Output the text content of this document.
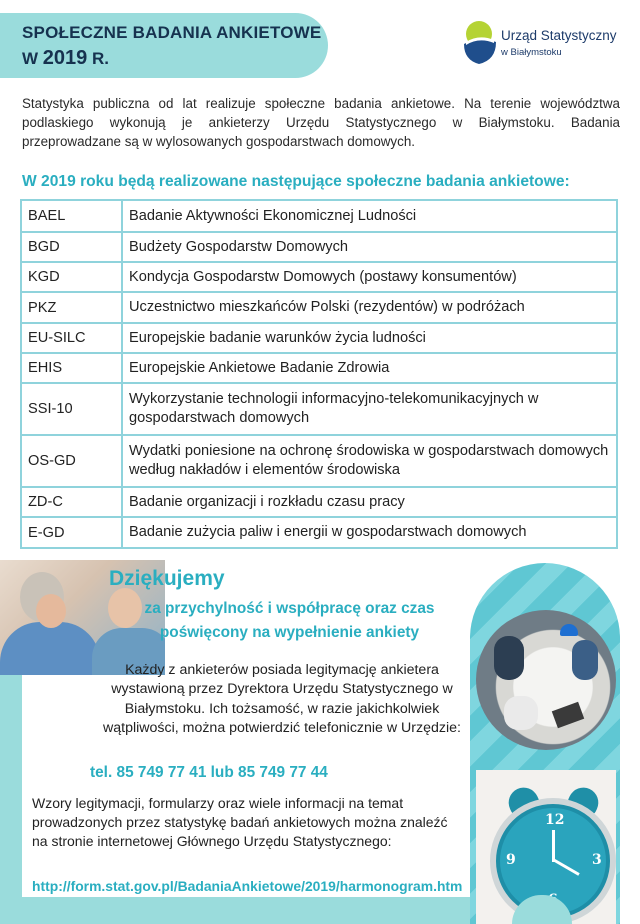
SPOŁECZNE BADANIA ANKIETOWE
W 2019 R.
Urząd Statystyczny
w Białymstoku

Statystyka publiczna od lat realizuje społeczne badania ankietowe. Na terenie województwa podlaskiego wykonują je ankieterzy Urzędu Statystycznego w Białymstoku. Badania przeprowadzane są w wylosowanych gospodarstwach domowych.

W 2019 roku będą realizowane następujące społeczne badania ankietowe:
BAEL	Badanie Aktywności Ekonomicznej Ludności
BGD	Budżety Gospodarstw Domowych
KGD	Kondycja Gospodarstw Domowych (postawy konsumentów)
PKZ	Uczestnictwo mieszkańców Polski (rezydentów) w podróżach
EU-SILC	Europejskie badanie warunków życia ludności
EHIS	Europejskie Ankietowe Badanie Zdrowia
SSI-10	Wykorzystanie technologii informacyjno-telekomunikacyjnych w gospodarstwach domowych
OS-GD	Wydatki poniesione na ochronę środowiska w gospodarstwach domowych według nakładów i elementów środowiska
ZD-C	Badanie organizacji i rozkładu czasu pracy
E-GD	Badanie zużycia paliw i energii w gospodarstwach domowych
Dziękujemy
za przychylność i współpracę oraz czas poświęcony na wypełnienie ankiety

Każdy z ankieterów posiada legitymację ankietera wystawioną przez Dyrektora Urzędu Statystycznego w Białymstoku. Ich tożsamość, w razie jakichkolwiek wątpliwości, można potwierdzić telefonicznie w Urzędzie:

tel. 85 749 77 41 lub 85 749 77 44

Wzory legitymacji, formularzy oraz wiele informacji na temat prowadzonych przez statystykę badań ankietowych można znaleźć na stronie internetowej Głównego Urzędu Statystycznego:

http://form.stat.gov.pl/BadaniaAnkietowe/2019/harmonogram.htm
12
3
9
